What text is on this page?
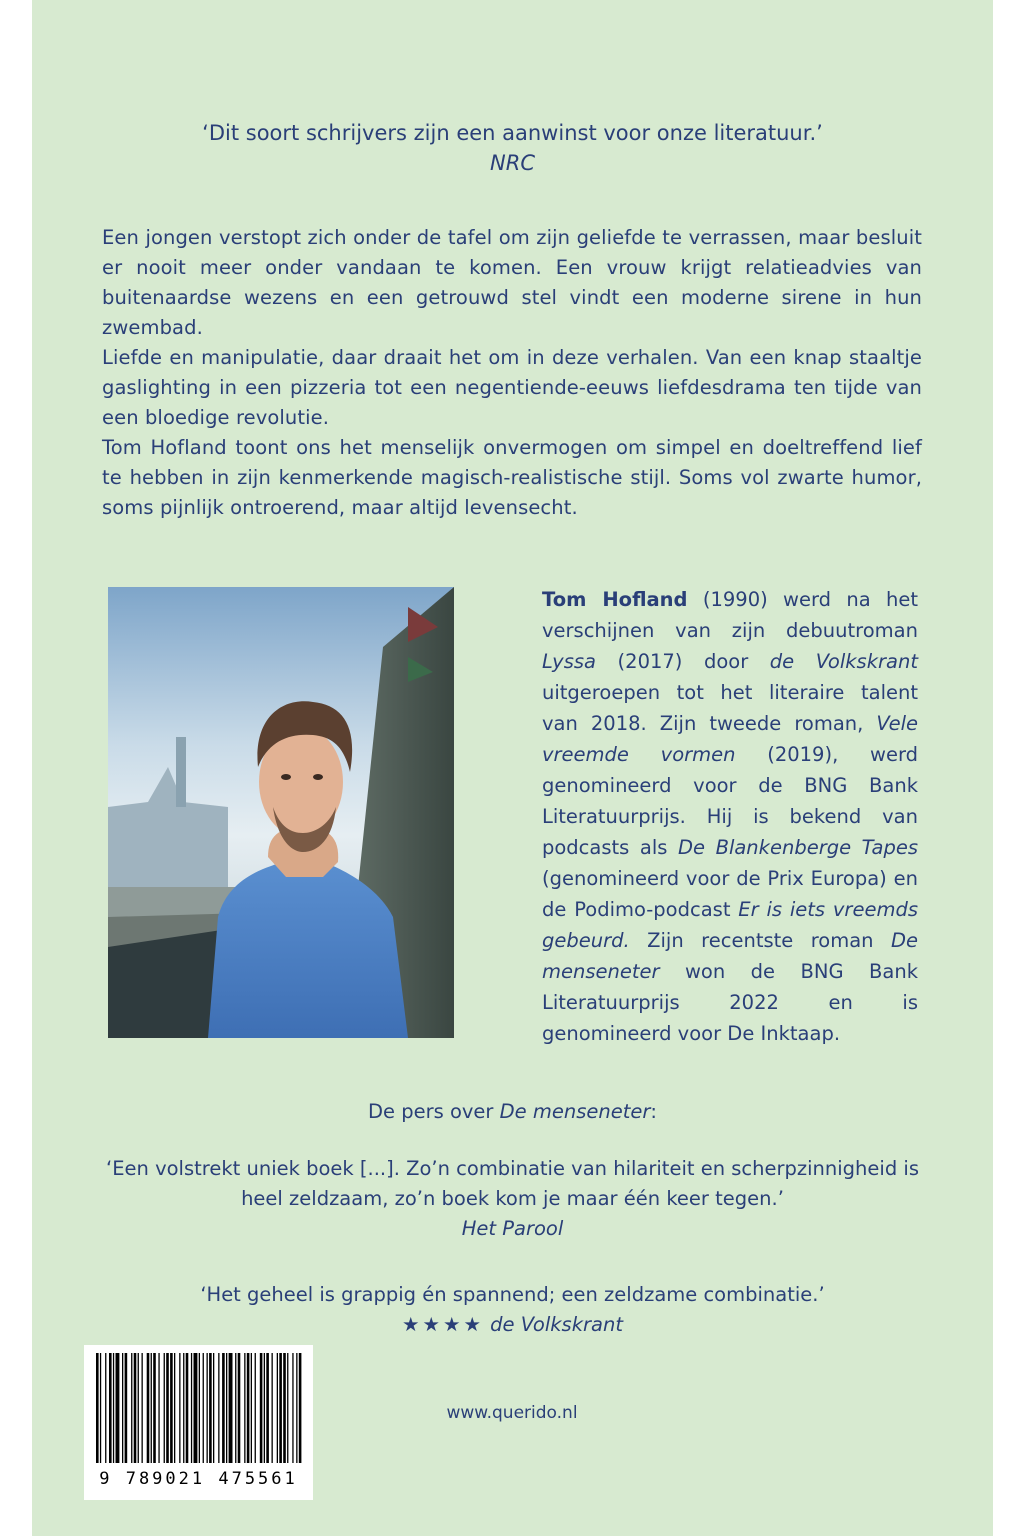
‘Dit soort schrijvers zijn een aanwinst voor onze literatuur.’
NRC

Een jongen verstopt zich onder de tafel om zijn geliefde te verrassen, maar besluit er nooit meer onder vandaan te komen. Een vrouw krijgt relatieadvies van buitenaardse wezens en een getrouwd stel vindt een moderne sirene in hun zwembad.

Liefde en manipulatie, daar draait het om in deze verhalen. Van een knap staaltje gaslighting in een pizzeria tot een negentiende-eeuws liefdesdrama ten tijde van een bloedige revolutie.

Tom Hofland toont ons het menselijk onvermogen om simpel en doeltreffend lief te hebben in zijn kenmerkende magisch-realistische stijl. Soms vol zwarte humor, soms pijnlijk ontroerend, maar altijd levensecht.

Tom Hofland (1990) werd na het verschijnen van zijn debuutroman Lyssa (2017) door de Volkskrant uitgeroepen tot het literaire talent van 2018. Zijn tweede roman, Vele vreemde vormen (2019), werd genomineerd voor de BNG Bank Literatuurprijs. Hij is bekend van podcasts als De Blankenberge Tapes (genomineerd voor de Prix Europa) en de Podimo-podcast Er is iets vreemds gebeurd. Zijn recentste roman De menseneter won de BNG Bank Literatuurprijs 2022 en is genomineerd voor De Inktaap.
De pers over De menseneter:
‘Een volstrekt uniek boek [...]. Zo’n combinatie van hilariteit en scherpzinnigheid is
heel zeldzaam, zo’n boek kom je maar één keer tegen.’
Het Parool
‘Het geheel is grappig én spannend; een zeldzame combinatie.’
★★★★ de Volkskrant
9 789021 475561
www.querido.nl
